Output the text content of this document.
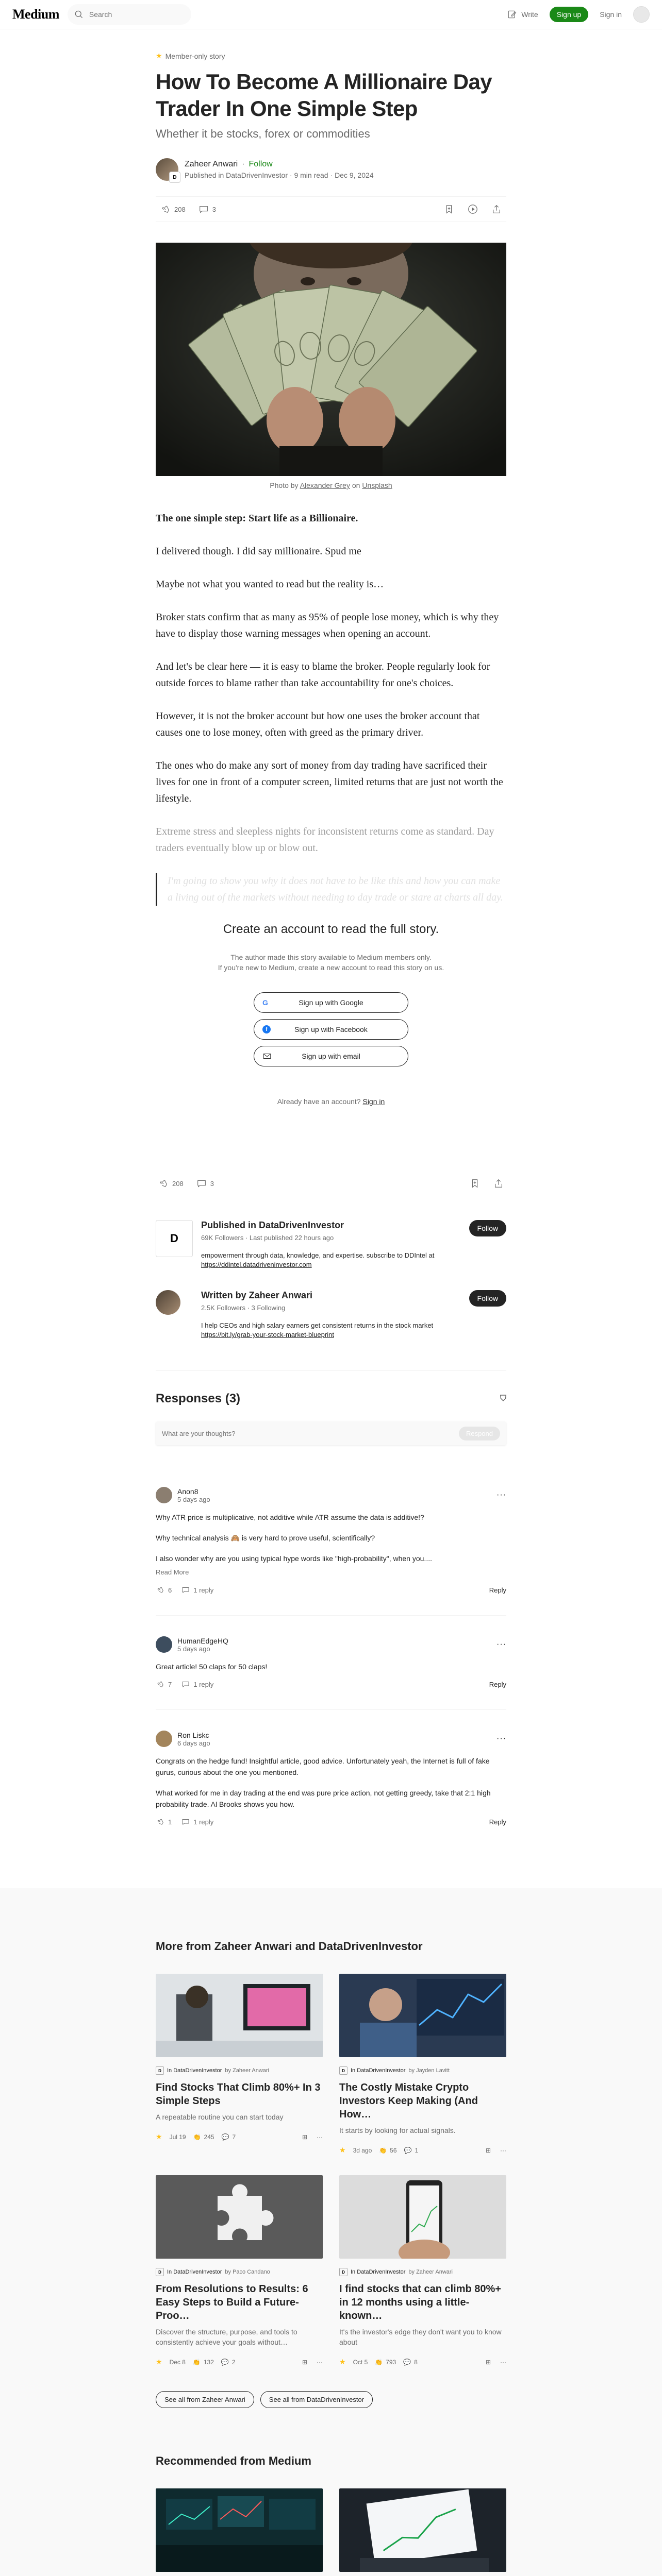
Medium
Search	Write	Sign up	Sign in
★ Member-only story
How To Become A Millionaire Day Trader In One Simple Step
Whether it be stocks, forex or commodities
D
Zaheer Anwari · Follow
Published in DataDrivenInvestor · 9 min read · Dec 9, 2024
208	3
Photo by Alexander Grey on Unsplash

The one simple step: Start life as a Billionaire.

I delivered though. I did say millionaire. Spud me

Maybe not what you wanted to read but the reality is…

Broker stats confirm that as many as 95% of people lose money, which is why they have to display those warning messages when opening an account.

And let's be clear here — it is easy to blame the broker. People regularly look for outside forces to blame rather than take accountability for one's choices.

However, it is not the broker account but how one uses the broker account that causes one to lose money, often with greed as the primary driver.

The ones who do make any sort of money from day trading have sacrificed their lives for one in front of a computer screen, limited returns that are just not worth the lifestyle.

Extreme stress and sleepless nights for inconsistent returns come as standard. Day traders eventually blow up or blow out.

I'm going to show you why it does not have to be like this and how you can make a living out of the markets without needing to day trade or stare at charts all day.

Create an account to read the full story.
The author made this story available to Medium members only.
If you're new to Medium, create a new account to read this story on us.
G	Sign up with Google
f	Sign up with Facebook
Sign up with email
Already have an account? Sign in
208	3
D
Published in DataDrivenInvestor
69K Followers · Last published 22 hours ago
empowerment through data, knowledge, and expertise. subscribe to DDIntel at https://ddintel.datadriveninvestor.com
Follow
Written by Zaheer Anwari
2.5K Followers · 3 Following
I help CEOs and high salary earners get consistent returns in the stock market https://bit.ly/grab-your-stock-market-blueprint
Follow
Responses (3)	⛉
What are your thoughts?
Respond
Anon8
5 days ago	···

Why ATR price is multiplicative, not additive while ATR assume the data is additive!?

Why technical analysis 🙈 is very hard to prove useful, scientifically?

I also wonder why are you using typical hype words like "high-probability", when you....

Read More
6	1 reply	Reply
HumanEdgeHQ
5 days ago	···

Great article! 50 claps for 50 claps!

7	1 reply	Reply
Ron Liskc
6 days ago	···

Congrats on the hedge fund! Insightful article, good advice. Unfortunately yeah, the Internet is full of fake gurus, curious about the one you mentioned.

What worked for me in day trading at the end was pure price action, not getting greedy, take that 2:1 high probability trade. Al Brooks shows you how.

1	1 reply	Reply
More from Zaheer Anwari and DataDrivenInvestor
D	In DataDrivenInvestor by Zaheer Anwari
Find Stocks That Climb 80%+ In 3 Simple Steps
A repeatable routine you can start today
★ Jul 19 👏 245 💬 7	⊞ ···
D	In DataDrivenInvestor by Jayden Lavitt
The Costly Mistake Crypto Investors Keep Making (And How…
It starts by looking for actual signals.
★ 3d ago 👏 56 💬 1	⊞ ···
D	In DataDrivenInvestor by Paco Candano
From Resolutions to Results: 6 Easy Steps to Build a Future-Proo…
Discover the structure, purpose, and tools to consistently achieve your goals without…
★ Dec 8 👏 132 💬 2	⊞ ···
D	In DataDrivenInvestor by Zaheer Anwari
I find stocks that can climb 80%+ in 12 months using a little-known…
It's the investor's edge they don't want you to know about
★ Oct 5 👏 793 💬 8	⊞ ···
See all from Zaheer Anwari	See all from DataDrivenInvestor
Recommended from Medium
